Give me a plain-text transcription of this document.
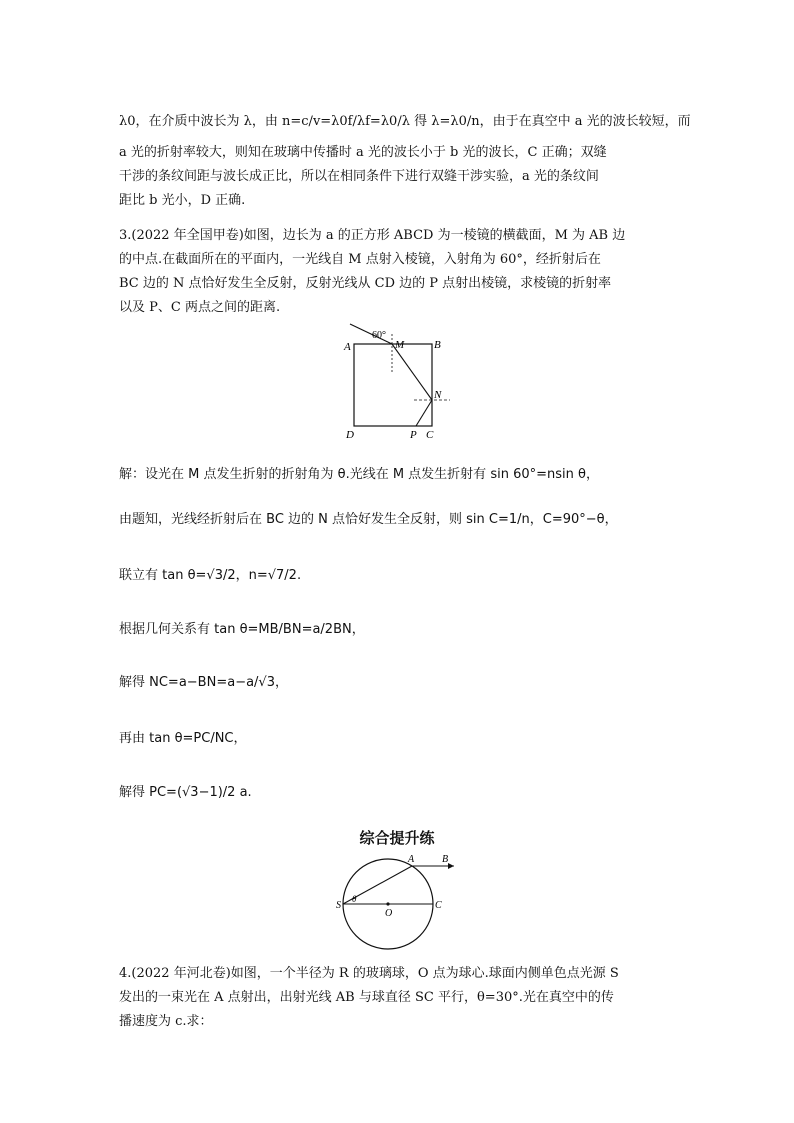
λ0，在介质中波长为 λ，由 n=c/v=λ0f/λf=λ0/λ 得 λ=λ0/n，由于在真空中 a 光的波长较短，而
a 光的折射率较大，则知在玻璃中传播时 a 光的波长小于 b 光的波长，C 正确；双缝
干涉的条纹间距与波长成正比，所以在相同条件下进行双缝干涉实验，a 光的条纹间
距比 b 光小，D 正确.
3.(2022 年全国甲卷)如图，边长为 a 的正方形 ABCD 为一棱镜的横截面，M 为 AB 边
的中点.在截面所在的平面内，一光线自 M 点射入棱镜，入射角为 60°，经折射后在
BC 边的 N 点恰好发生全反射，反射光线从 CD 边的 P 点射出棱镜，求棱镜的折射率
以及 P、C 两点之间的距离.
60°
A	B
M
N
D	P C
解：设光在 M 点发生折射的折射角为 θ.光线在 M 点发生折射有 sin 60°=nsin θ，
由题知，光线经折射后在 BC 边的 N 点恰好发生全反射，则 sin C=1/n，C=90°−θ，
联立有 tan θ=√3/2，n=√7/2.
根据几何关系有 tan θ=MB/BN=a/2BN，
解得 NC=a−BN=a−a/√3，
再由 tan θ=PC/NC，
解得 PC=(√3−1)/2 a.
综合提升练
S
θ
O
C
A	B
4.(2022 年河北卷)如图，一个半径为 R 的玻璃球，O 点为球心.球面内侧单色点光源 S
发出的一束光在 A 点射出，出射光线 AB 与球直径 SC 平行，θ=30°.光在真空中的传
播速度为 c.求：
